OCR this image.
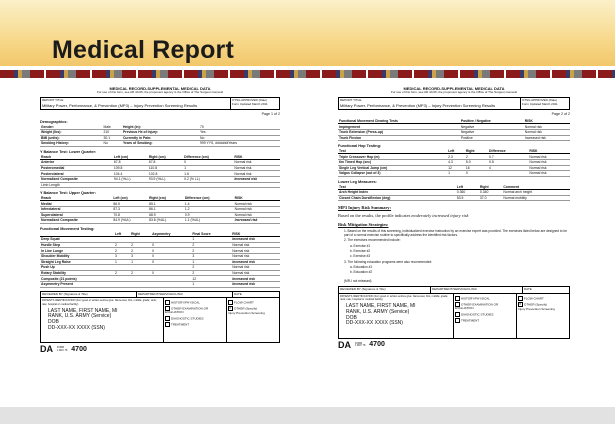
Medical Report
MEDICAL RECORD-SUPPLEMENTAL MEDICAL DATA
For use of this form, see AR 40-66; the proponent agency is the Office of The Surgeon General
REPORT TITLE
Military Power, Performance, & Prevention (MP3) – Injury Prevention Screening Results
OTSG APPROVED (Date)
Form Updated March 2011
Page 1 of 2
Demographics:
Gender:	Male	Height (in):	70
Weight (lbs):	210	Previous Hx of Injury:	Yes
BMI (units):	30.1	Currently in Pain:	No
Smoking History:	No	Years of Smoking:	999 YYS, #######Years
Y Balance Test: Lower Quarter:
Reach	Left (cm)	Right (cm)	Difference (cm)	RISK
Anterior	67.8	67.8	0	Normal risk
Posteromedial	109.8	110.8	1	Normal risk
Posterolateral	104.4	102.8	1.6	Normal risk
Normalized Composite	94.1 (%LL)	93.9 (%LL)	0.2 (% LL)	Increased risk
Limb Length				
Y Balance Test: Upper Quarter:
Reach	Left (cm)	Right (cm)	Difference (cm)	RISK
Medial	86.5	85.1	1.4	Normal risk
Inferolateral	87.3	86.1	1.2	Normal risk
Superolateral	70.8	68.9	0.9	Normal risk
Normalized Composite	84.9 (%UL)	83.8 (%UL)	1.1 (%UL)	Increased risk
Functional Movement Testing:
	Left	Right	Asymmetry	Final Score	RISK
Deep Squat				1	Increased risk
Hurdle Step	2	2	0	2	Normal risk
In Line Lunge	2	2	0	2	Normal risk
Shoulder Mobility	3	3	0	3	Normal risk
Straight Leg Raise	1	1	0	1	Increased risk
Push Up				2	Normal risk
Rotary Stability	2	2	0	2	Normal risk
Composite (21 points)				12	Increased risk
Asymmetry Present				1	Increased risk
REVIEWED BY (Signature & Title)	DEPARTMENT/SERVICE/CLINIC	DATE
PATIENTS IDENTIFICATION (For typed or written entries give: Name-last, first, middle; grade; rank; rate; hospital or medical facility)
LAST NAME, FIRST NAME, MI
RANK, U.S. ARMY (Service)
DOB
DD-XXX-XX XXXX (SSN)
HISTORY/PHYSICAL
OTHER EXAMINATION OR EVALUATION
DIAGNOSTIC STUDIES
TREATMENT
FLOW CHART
✕ OTHER (Specify)
Injury Prevention Screening
DA FORM
1 MAY 78 4700
MEDICAL RECORD-SUPPLEMENTAL MEDICAL DATA
For use of this form, see AR 40-66; the proponent agency is the Office of The Surgeon General
REPORT TITLE
Military Power, Performance, & Prevention (MP3) – Injury Prevention Screening Results
OTSG APPROVED (Date)
Form Updated March 2011
Page 2 of 2
Functional Movement Clearing Tests	Positive / Negative	RISK
Impingement	Negative	Normal risk
Trunk Extension (Press-up)	Negative	Normal risk
Trunk Flexion	Positive	Increased risk
Functional Hop Testing:
Test	Left	Right	Difference	RISK
Triple Crossover Hop (m)	2.3	2	0.7	Normal risk
6m Timed Hop (sec)	4.3	5.0	0.5	Normal risk
Single Leg Vertical Jump (cm)	12	16	4	Normal risk
Valgus Collapse (out of 3)	1	0		Normal risk
Lower Leg Measures:
Test	Left	Right	Comment
Arch Height Index	0.360	0.340	Normal arch height
Closed Chain Dorsiflexion (deg)	53.5	37.0	Normal mobility
MP3 Injury Risk Summary:
Based on the results, the profile indicates moderately increased injury risk
Risk Mitigation Strategies:
1. Based on the results of this screening, individualized exercise instruction by an exercise expert was provided. The exercises listed below are designed to be part of a normal exercise routine to specifically address the identified risk factors.
2. The exercises recommended include:
a. Exercise #1
b. Exercise #2
c. Exercise #3
3. The following education programs were also recommended:
a. Education #1
b. Education #2
(MR-I not released)
REVIEWED BY (Signature & Title)	DEPARTMENT/SERVICE/CLINIC	DATE
PATIENTS IDENTIFICATION (For typed or written entries give: Name-last, first, middle; grade; rank; rate; hospital or medical facility)
LAST NAME, FIRST NAME, MI
RANK, U.S. ARMY (Service)
DOB
DD-XXX-XX XXXX (SSN)
HISTORY/PHYSICAL
OTHER EXAMINATION OR EVALUATION
DIAGNOSTIC STUDIES
TREATMENT
FLOW CHART
✕ OTHER (Specify)
Injury Prevention Screening
DA FORM
1 MAY 78 4700
